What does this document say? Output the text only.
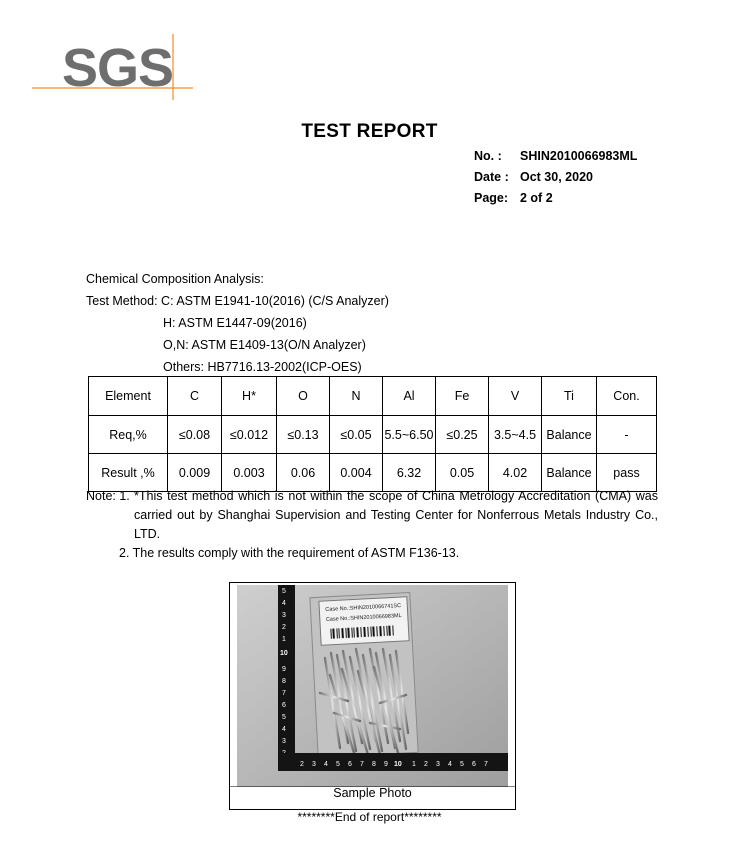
SGS
TEST REPORT
No. : SHIN2010066983ML
Date : Oct 30, 2020
Page: 2 of 2
Chemical Composition Analysis:
Test Method: C: ASTM E1941-10(2016) (C/S Analyzer)
H: ASTM E1447-09(2016)
O,N: ASTM E1409-13(O/N Analyzer)
Others: HB7716.13-2002(ICP-OES)
Element	C	H*	O	N	Al	Fe	V	Ti	Con.
Req,%	≤0.08	≤0.012	≤0.13	≤0.05	5.5~6.50	≤0.25	3.5~4.5	Balance	-
Result ,%	0.009	0.003	0.06	0.004	6.32	0.05	4.02	Balance	pass
Note: 1. *This test method which is not within the scope of China Metrology Accreditation (CMA) was carried out by Shanghai Supervision and Testing Center for Nonferrous Metals Industry Co., LTD.
2. The results comply with the requirement of ASTM F136-13.
Case No.:SHIN2010066741SC
Case No.:SHIN2010066983ML
3
4
5
6
7
8
9
10
1
2
3
4
5
2 3 4 5 6 7 8 9 10 1 2 3 4 5 6 7
Sample Photo
********End of report********
